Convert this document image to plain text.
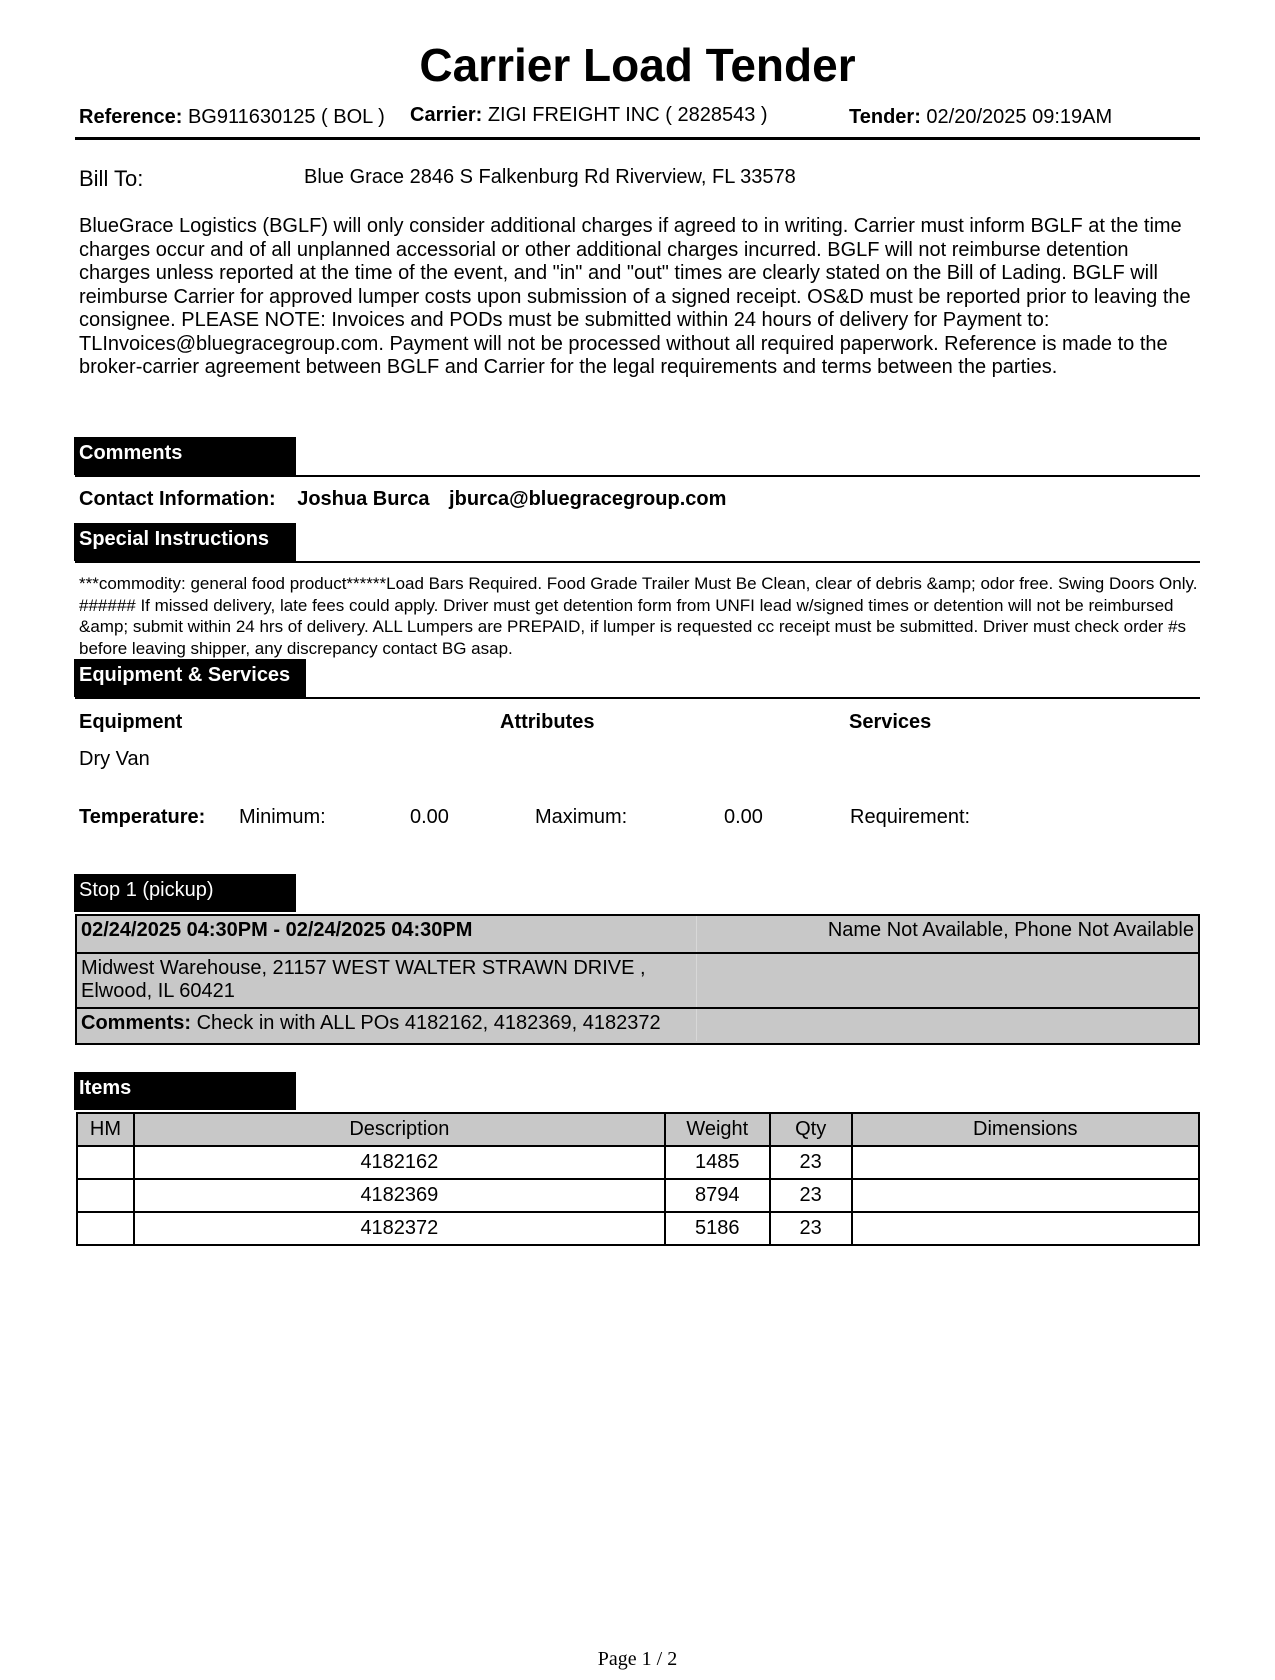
Carrier Load Tender
Reference: BG911630125 ( BOL ) Carrier: ZIGI FREIGHT INC ( 2828543 )	Tender: 02/20/2025 09:19AM
Bill To:	Blue Grace 2846 S Falkenburg Rd Riverview, FL 33578
BlueGrace Logistics (BGLF) will only consider additional charges if agreed to in writing. Carrier must inform BGLF at the time charges occur and of all unplanned accessorial or other additional charges incurred. BGLF will not reimburse detention charges unless reported at the time of the event, and "in" and "out" times are clearly stated on the Bill of Lading. BGLF will reimburse Carrier for approved lumper costs upon submission of a signed receipt. OS&D must be reported prior to leaving the consignee. PLEASE NOTE: Invoices and PODs must be submitted within 24 hours of delivery for Payment to: TLInvoices@bluegracegroup.com. Payment will not be processed without all required paperwork. Reference is made to the broker-carrier agreement between BGLF and Carrier for the legal requirements and terms between the parties.
Comments
Contact Information: Joshua Burca jburca@bluegracegroup.com
Special Instructions
***commodity: general food product******Load Bars Required. Food Grade Trailer Must Be Clean, clear of debris &amp; odor free. Swing Doors Only. ###### If missed delivery, late fees could apply. Driver must get detention form from UNFI lead w/signed times or detention will not be reimbursed &amp; submit within 24 hrs of delivery. ALL Lumpers are PREPAID, if lumper is requested cc receipt must be submitted. Driver must check order #s before leaving shipper, any discrepancy contact BG asap.
Equipment & Services
Equipment	Attributes	Services
Dry Van
Temperature: Minimum:	0.00	Maximum:	0.00	Requirement:
Stop 1 (pickup)
02/24/2025 04:30PM - 02/24/2025 04:30PM	Name Not Available, Phone Not Available
Midwest Warehouse, 21157 WEST WALTER STRAWN DRIVE ,
Elwood, IL 60421
Comments: Check in with ALL POs 4182162, 4182369, 4182372
Items
HM	Description	Weight	Qty	Dimensions
	4182162	1485	23	
	4182369	8794	23	
	4182372	5186	23	
Page 1 / 2
